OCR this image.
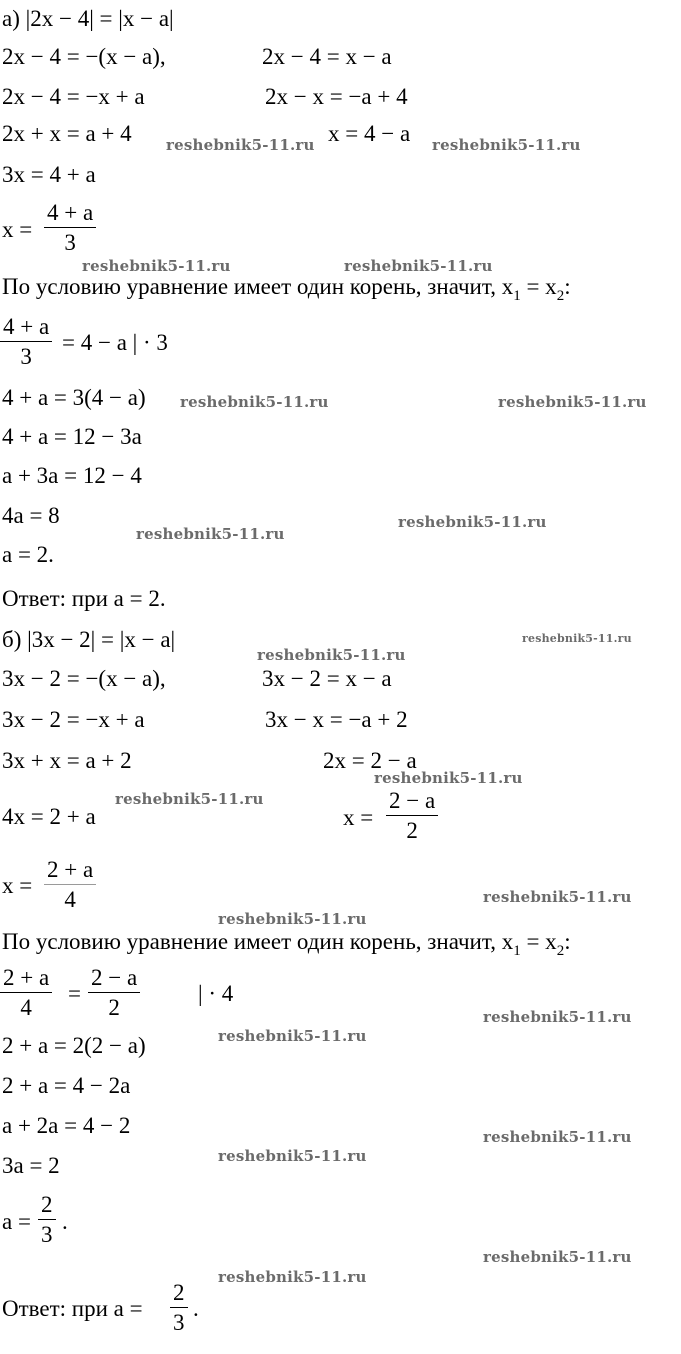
а) |2x − 4| = |x − a|
2x − 4 = −(x − a),	2x − 4 = x − a
2x − 4 = −x + a	2x − x = −a + 4
2x + x = a + 4	x = 4 − a
3x = 4 + a
$x = \frac{4 + a}{3}$
По условию уравнение имеет один корень, значит, $x_1 = x_2$:
$\frac{4 + a}{3} = 4 - a$ | · 3
4 + a = 3(4 − a)
4 + a = 12 − 3a
a + 3a = 12 − 4
4a = 8
a = 2.
Ответ: при a = 2.
б) |3x − 2| = |x − a|
3x − 2 = −(x − a),	3x − 2 = x − a
3x − 2 = −x + a	3x − x = −a + 2
3x + x = a + 2	2x = 2 − a
4x = 2 + a	$x = \frac{2 - a}{2}$
$x = \frac{2 + a}{4}$
По условию уравнение имеет один корень, значит, $x_1 = x_2$:
$\frac{2 + a}{4} = \frac{2 - a}{2}$	| · 4
2 + a = 2(2 − a)
2 + a = 4 − 2a
a + 2a = 4 − 2
3a = 2
$a = \frac{2}{3}$ .
Ответ: при $a = \frac{2}{3}$ .
reshebnik5-11.ru	reshebnik5-11.ru
reshebnik5-11.ru	reshebnik5-11.ru
reshebnik5-11.ru	reshebnik5-11.ru
reshebnik5-11.ru
reshebnik5-11.ru
reshebnik5-11.ru
reshebnik5-11.ru
reshebnik5-11.ru
reshebnik5-11.ru
reshebnik5-11.ru
reshebnik5-11.ru
reshebnik5-11.ru
reshebnik5-11.ru
reshebnik5-11.ru
reshebnik5-11.ru
reshebnik5-11.ru
reshebnik5-11.ru
